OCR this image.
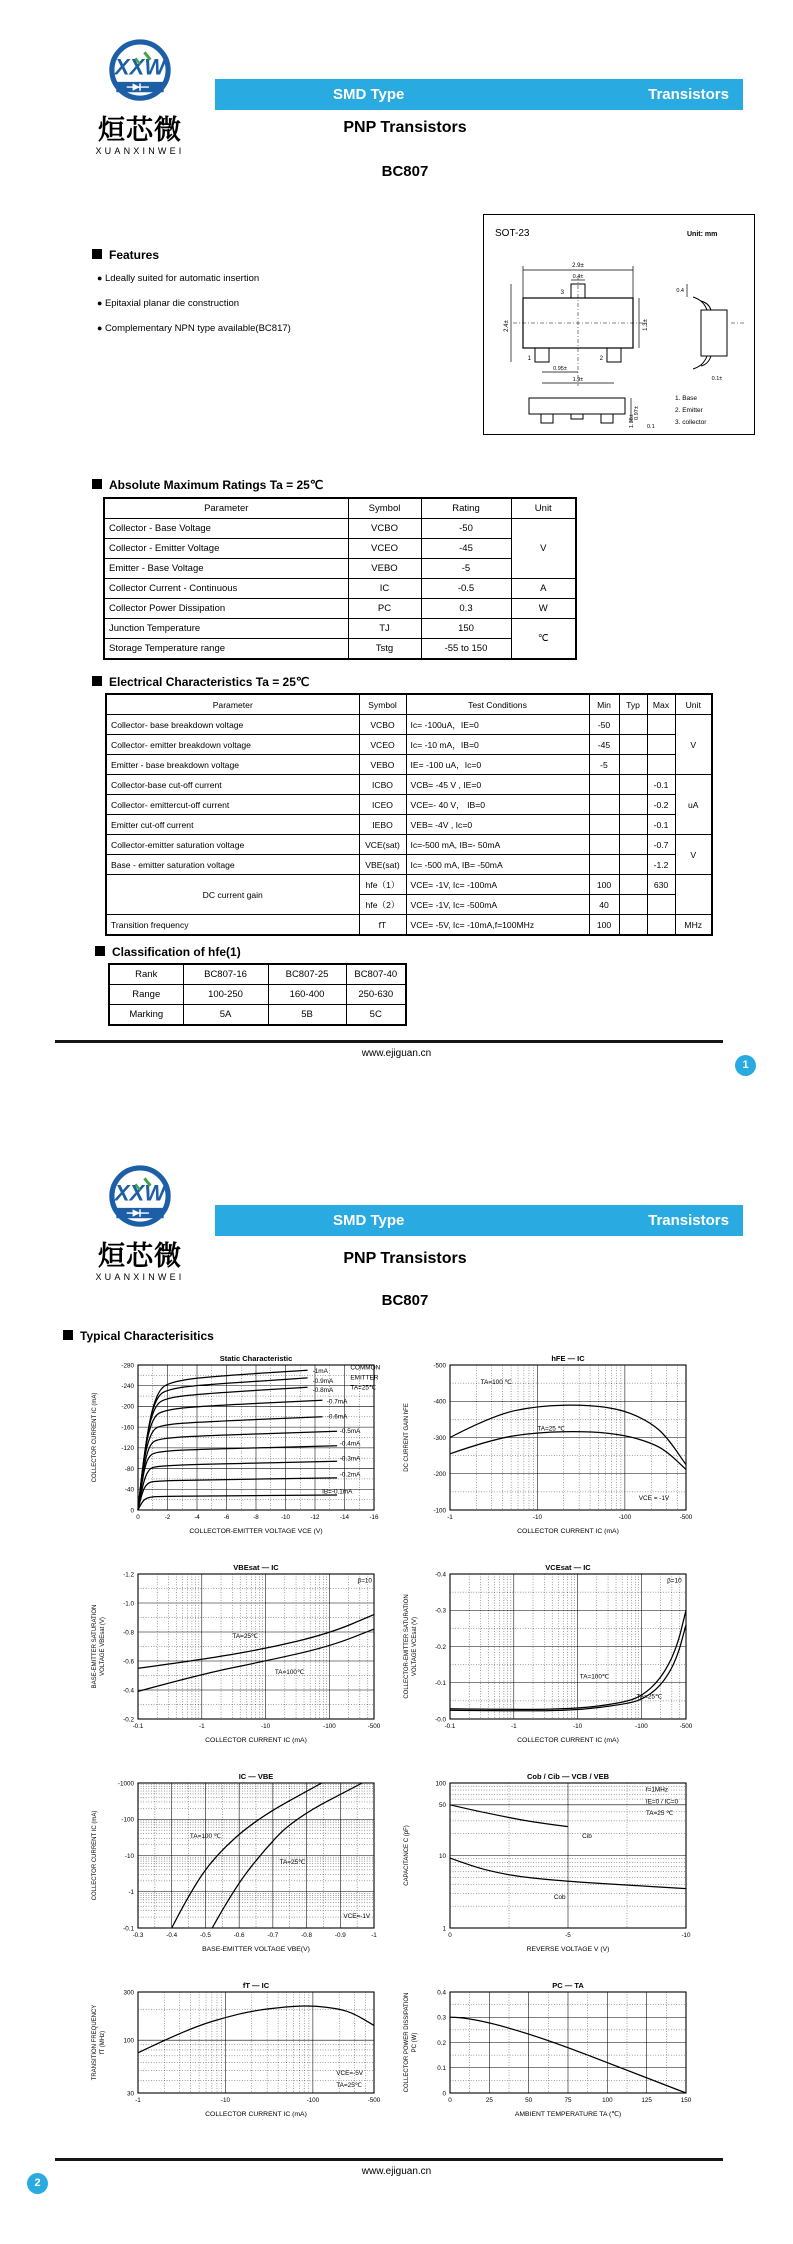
XXW
烜芯微
XUANXINWEI
SMD Type	Transistors
PNP Transistors
BC807
Features
● Ldeally suited for automatic insertion
● Epitaxial planar die construction
● Complementary NPN type available(BC817)
SOT-23	Unit: mm
2.9±
0.4±
3
1	2
2.4±	1.3±
0.95±
1.9±
0.4
0.1±
0.97±
0.1
1.38±
1. Base
2. Emitter
3. collector
Absolute Maximum Ratings Ta = 25℃
Parameter	Symbol	Rating	Unit
Collector - Base Voltage	VCBO	-50	V
Collector - Emitter Voltage	VCEO	-45	
Emitter - Base Voltage	VEBO	-5	
Collector Current - Continuous	IC	-0.5	A
Collector Power Dissipation	PC	0.3	W
Junction Temperature	TJ	150	℃
Storage Temperature range	Tstg	-55 to 150	
Electrical Characteristics Ta = 25℃
Parameter	Symbol	Test Conditions	Min	Typ	Max	Unit
Collector- base breakdown voltage	VCBO	Ic= -100uA，IE=0	-50			V
Collector- emitter breakdown voltage	VCEO	Ic= -10 mA，IB=0	-45			
Emitter - base breakdown voltage	VEBO	IE= -100 uA，Ic=0	-5			
Collector-base cut-off current	ICBO	VCB= -45 V , IE=0			-0.1	uA
Collector- emittercut-off current	ICEO	VCE=- 40 V， IB=0			-0.2	
Emitter cut-off current	IEBO	VEB= -4V , Ic=0			-0.1	
Collector-emitter saturation voltage	VCE(sat)	Ic=-500 mA, IB=- 50mA			-0.7	V
Base - emitter saturation voltage	VBE(sat)	Ic= -500 mA, IB= -50mA			-1.2	
DC current gain	hfe（1）	VCE= -1V, Ic= -100mA	100		630	
	hfe（2）	VCE= -1V, Ic= -500mA	40			
Transition frequency	fT	VCE= -5V, Ic= -10mA,f=100MHz	100			MHz
Classification of hfe(1)
Rank	BC807-16	BC807-25	BC807-40
Range	100-250	160-400	250-630
Marking	5A	5B	5C
www.ejiguan.cn
1
XXW
烜芯微
XUANXINWEI
SMD Type	Transistors
PNP Transistors
BC807
Typical Characterisitics
0	-2	-4	-6	-8	-10	-12	-14	-16
0
-40
-80
-120
-160
-200
-240
-280
Static Characteristic
COLLECTOR-EMITTER VOLTAGE VCE (V)
COLLECTOR CURRENT IC (mA)
-1mA
-0.9mA
-0.8mA
-0.7mA
-0.6mA
-0.5mA
-0.4mA
-0.3mA
-0.2mA
IB=-0.1mA
COMMON
EMITTER
TA=25℃
-1	-10	-100	-500
-100
-200
-300
-400
-500
hFE — IC
COLLECTOR CURRENT IC (mA)
DC CURRENT GAIN hFE
TA=100 ℃
TA=25 ℃
VCE = -1V
-0.1	-1	-10	-100	-500
-0.2
-0.4
-0.6
-0.8
-1.0
-1.2
VBEsat — IC
COLLECTOR CURRENT IC (mA)
BASE-EMITTER SATURATION VOLTAGE VBEsat (V)	TA=25℃
TA=100℃
β=10
-0.1	-1	-10	-100	-500
-0.0
-0.1
-0.2
-0.3
-0.4
VCEsat — IC
COLLECTOR CURRENT IC (mA)
COLLECTOR-EMITTER SATURATION VOLTAGE VCEsat (V)
TA=100℃
TA=25℃
β=10
-0.3	-0.4	-0.5	-0.6	-0.7	-0.8	-0.9	-1
-0.1
-1
-10
-100
-1000
IC — VBE
BASE-EMITTER VOLTAGE VBE(V)
COLLECTOR CURRENT IC (mA)	TA=100 ℃
TA=25℃
VCE=-1V
0	-5	-10
1
10
50
100
Cob / Cib — VCB / VEB
REVERSE VOLTAGE V (V)
CAPACITANCE C (pF)	Cib
Cob
f=1MHz
IE=0 / IC=0
TA=25 ℃
-1	-10	-100	-500
30
100
300
fT — IC
COLLECTOR CURRENT IC (mA)
TRANSITION FREQUENCY fT (MHz)
VCE=-5V
TA=25℃
0	25	50	75	100	125	150
0
0.1
0.2
0.3
0.4
PC — TA
AMBIENT TEMPERATURE TA (℃)
COLLECTOR POWER DISSIPATION PC (W)
www.ejiguan.cn
2
